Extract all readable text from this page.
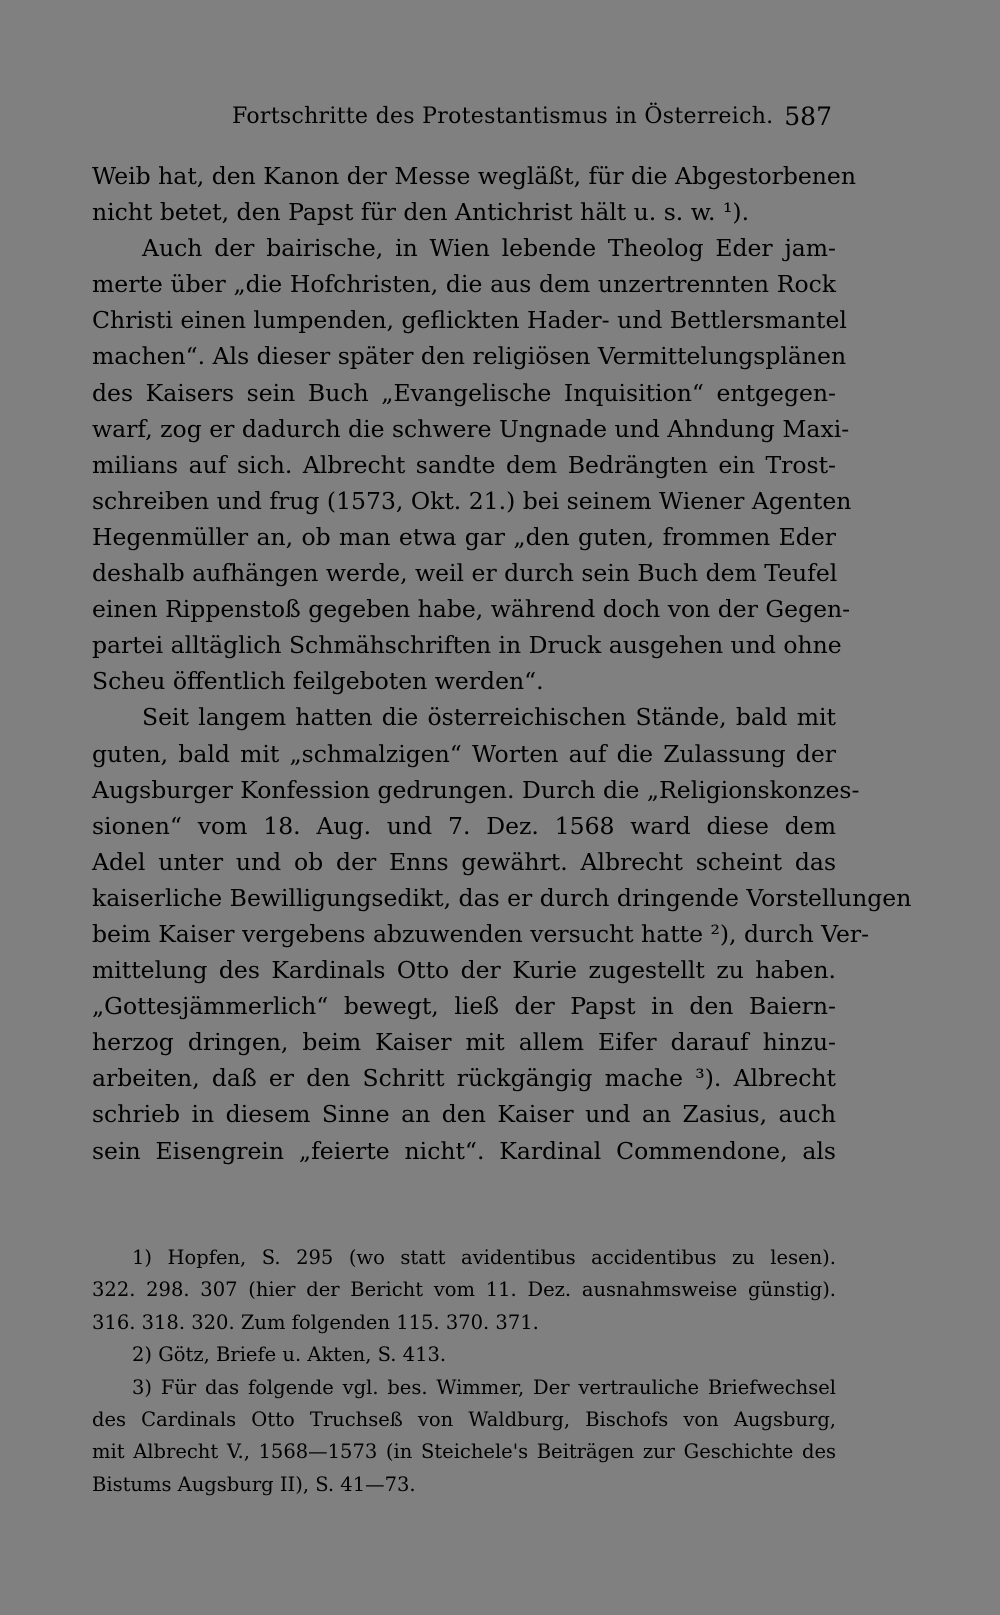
Fortschritte des Protestantismus in Österreich. 587
Weib hat, den Kanon der Messe wegläßt, für die Abgestorbenen
nicht betet, den Papst für den Antichrist hält u. s. w. ¹).
Auch der bairische, in Wien lebende Theolog Eder jam-
merte über „die Hofchristen, die aus dem unzertrennten Rock
Christi einen lumpenden, geflickten Hader- und Bettlersmantel
machen“. Als dieser später den religiösen Vermittelungsplänen
des Kaisers sein Buch „Evangelische Inquisition“ entgegen-
warf, zog er dadurch die schwere Ungnade und Ahndung Maxi-
milians auf sich. Albrecht sandte dem Bedrängten ein Trost-
schreiben und frug (1573, Okt. 21.) bei seinem Wiener Agenten
Hegenmüller an, ob man etwa gar „den guten, frommen Eder
deshalb aufhängen werde, weil er durch sein Buch dem Teufel
einen Rippenstoß gegeben habe, während doch von der Gegen-
partei alltäglich Schmähschriften in Druck ausgehen und ohne
Scheu öffentlich feilgeboten werden“.
Seit langem hatten die österreichischen Stände, bald mit
guten, bald mit „schmalzigen“ Worten auf die Zulassung der
Augsburger Konfession gedrungen. Durch die „Religionskonzes-
sionen“ vom 18. Aug. und 7. Dez. 1568 ward diese dem
Adel unter und ob der Enns gewährt. Albrecht scheint das
kaiserliche Bewilligungsedikt, das er durch dringende Vorstellungen
beim Kaiser vergebens abzuwenden versucht hatte ²), durch Ver-
mittelung des Kardinals Otto der Kurie zugestellt zu haben.
„Gottesjämmerlich“ bewegt, ließ der Papst in den Baiern-
herzog dringen, beim Kaiser mit allem Eifer darauf hinzu-
arbeiten, daß er den Schritt rückgängig mache ³). Albrecht
schrieb in diesem Sinne an den Kaiser und an Zasius, auch
sein Eisengrein „feierte nicht“. Kardinal Commendone, als
1) Hopfen, S. 295 (wo statt avidentibus accidentibus zu lesen).
322. 298. 307 (hier der Bericht vom 11. Dez. ausnahmsweise günstig).
316. 318. 320. Zum folgenden 115. 370. 371.
2) Götz, Briefe u. Akten, S. 413.
3) Für das folgende vgl. bes. Wimmer, Der vertrauliche Briefwechsel
des Cardinals Otto Truchseß von Waldburg, Bischofs von Augsburg,
mit Albrecht V., 1568—1573 (in Steichele's Beiträgen zur Geschichte des
Bistums Augsburg II), S. 41—73.
